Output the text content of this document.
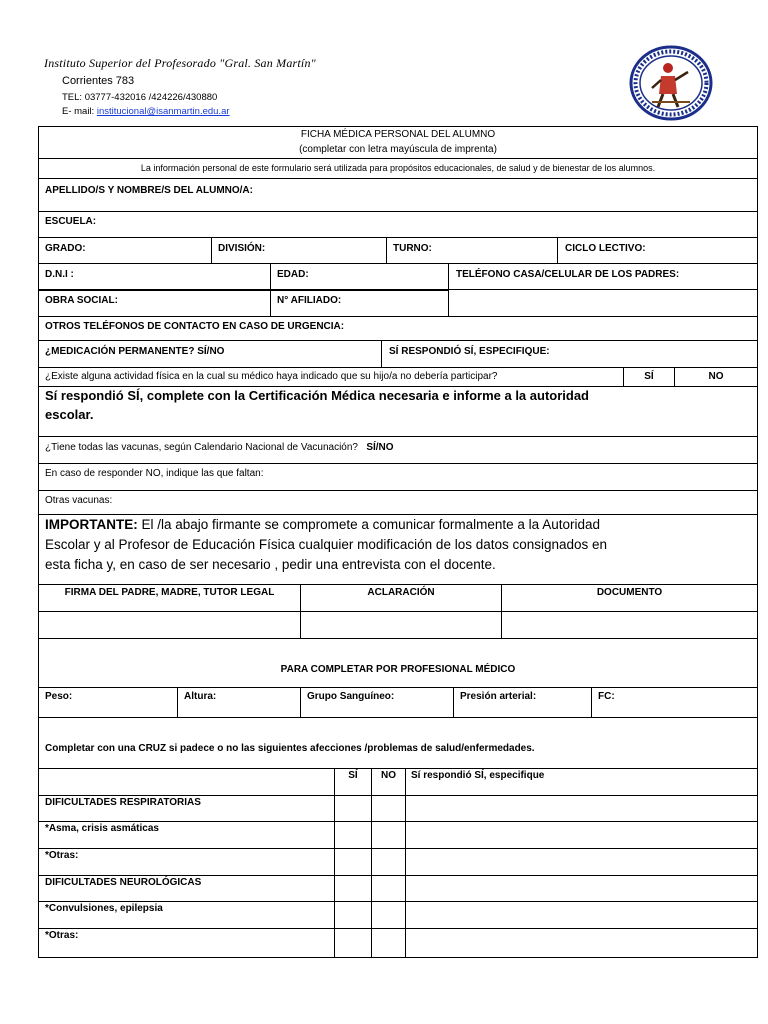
Instituto Superior del Profesorado "Gral. San Martín"
Corrientes 783
TEL: 03777-432016 /424226/430880
E- mail: institucional@isanmartin.edu.ar
FICHA MÉDICA PERSONAL DEL ALUMNO
(completar con letra mayúscula de imprenta)
La información personal de este formulario será utilizada para propósitos educacionales, de salud y de bienestar de los alumnos.
APELLIDO/S Y NOMBRE/S DEL ALUMNO/A:
ESCUELA:
GRADO:	DIVISIÓN:	TURNO:	CICLO LECTIVO:
D.N.I :	EDAD:	TELÉFONO CASA/CELULAR DE LOS PADRES:
OBRA SOCIAL:	N° AFILIADO:
OTROS TELÉFONOS DE CONTACTO EN CASO DE URGENCIA:
¿MEDICACIÓN PERMANENTE? SÍ/NO	SÍ RESPONDIÓ SÍ, ESPECIFIQUE:
¿Existe alguna actividad física en la cual su médico haya indicado que su hijo/a no debería participar?	SÍ	NO
Sí respondió SÍ, complete con la Certificación Médica necesaria e informe a la autoridad
escolar.
¿Tiene todas las vacunas, según Calendario Nacional de Vacunación? SÍ/NO
En caso de responder NO, indique las que faltan:
Otras vacunas:
IMPORTANTE: El /la abajo firmante se compromete a comunicar formalmente a la Autoridad
Escolar y al Profesor de Educación Física cualquier modificación de los datos consignados en
esta ficha y, en caso de ser necesario , pedir una entrevista con el docente.
FIRMA DEL PADRE, MADRE, TUTOR LEGAL	ACLARACIÓN	DOCUMENTO
PARA COMPLETAR POR PROFESIONAL MÉDICO
Peso:	Altura:	Grupo Sanguíneo:	Presión arterial:	FC:
Completar con una CRUZ si padece o no las siguientes afecciones /problemas de salud/enfermedades.
SÍ	NO	Sí respondió SÍ, especifique
DIFICULTADES RESPIRATORIAS
*Asma, crisis asmáticas
*Otras:
DIFICULTADES NEUROLÓGICAS
*Convulsiones, epilepsia
*Otras:
